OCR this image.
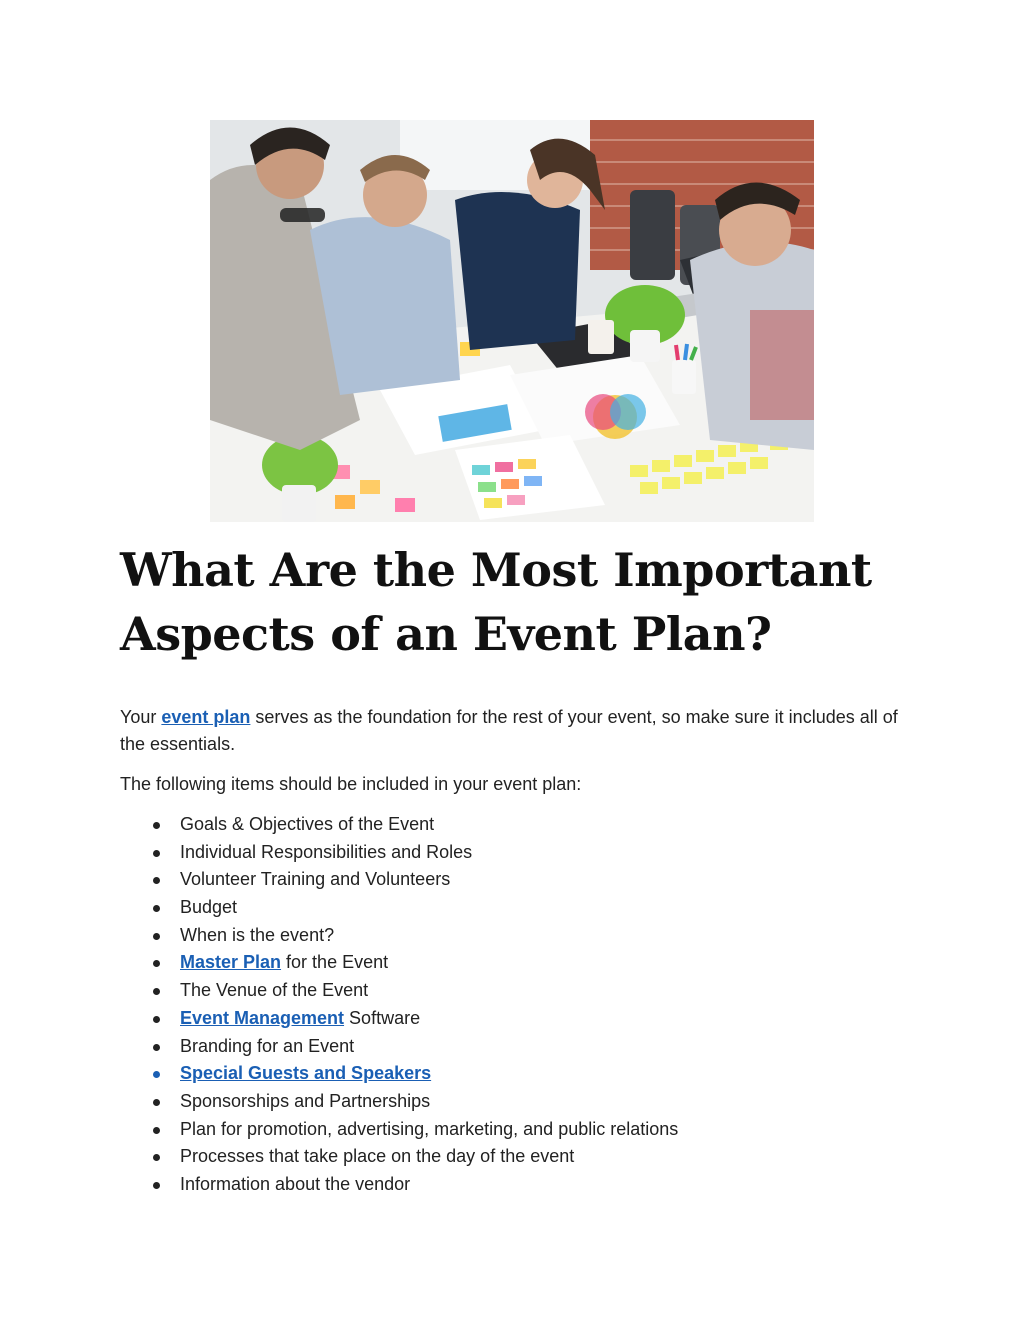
What Are the Most Important Aspects of an Event Plan?

Your event plan serves as the foundation for the rest of your event, so make sure it includes all of the essentials.

The following items should be included in your event plan:

Goals & Objectives of the Event
Individual Responsibilities and Roles
Volunteer Training and Volunteers
Budget
When is the event?
Master Plan for the Event
The Venue of the Event
Event Management Software
Branding for an Event
Special Guests and Speakers
Sponsorships and Partnerships
Plan for promotion, advertising, marketing, and public relations
Processes that take place on the day of the event
Information about the vendor
